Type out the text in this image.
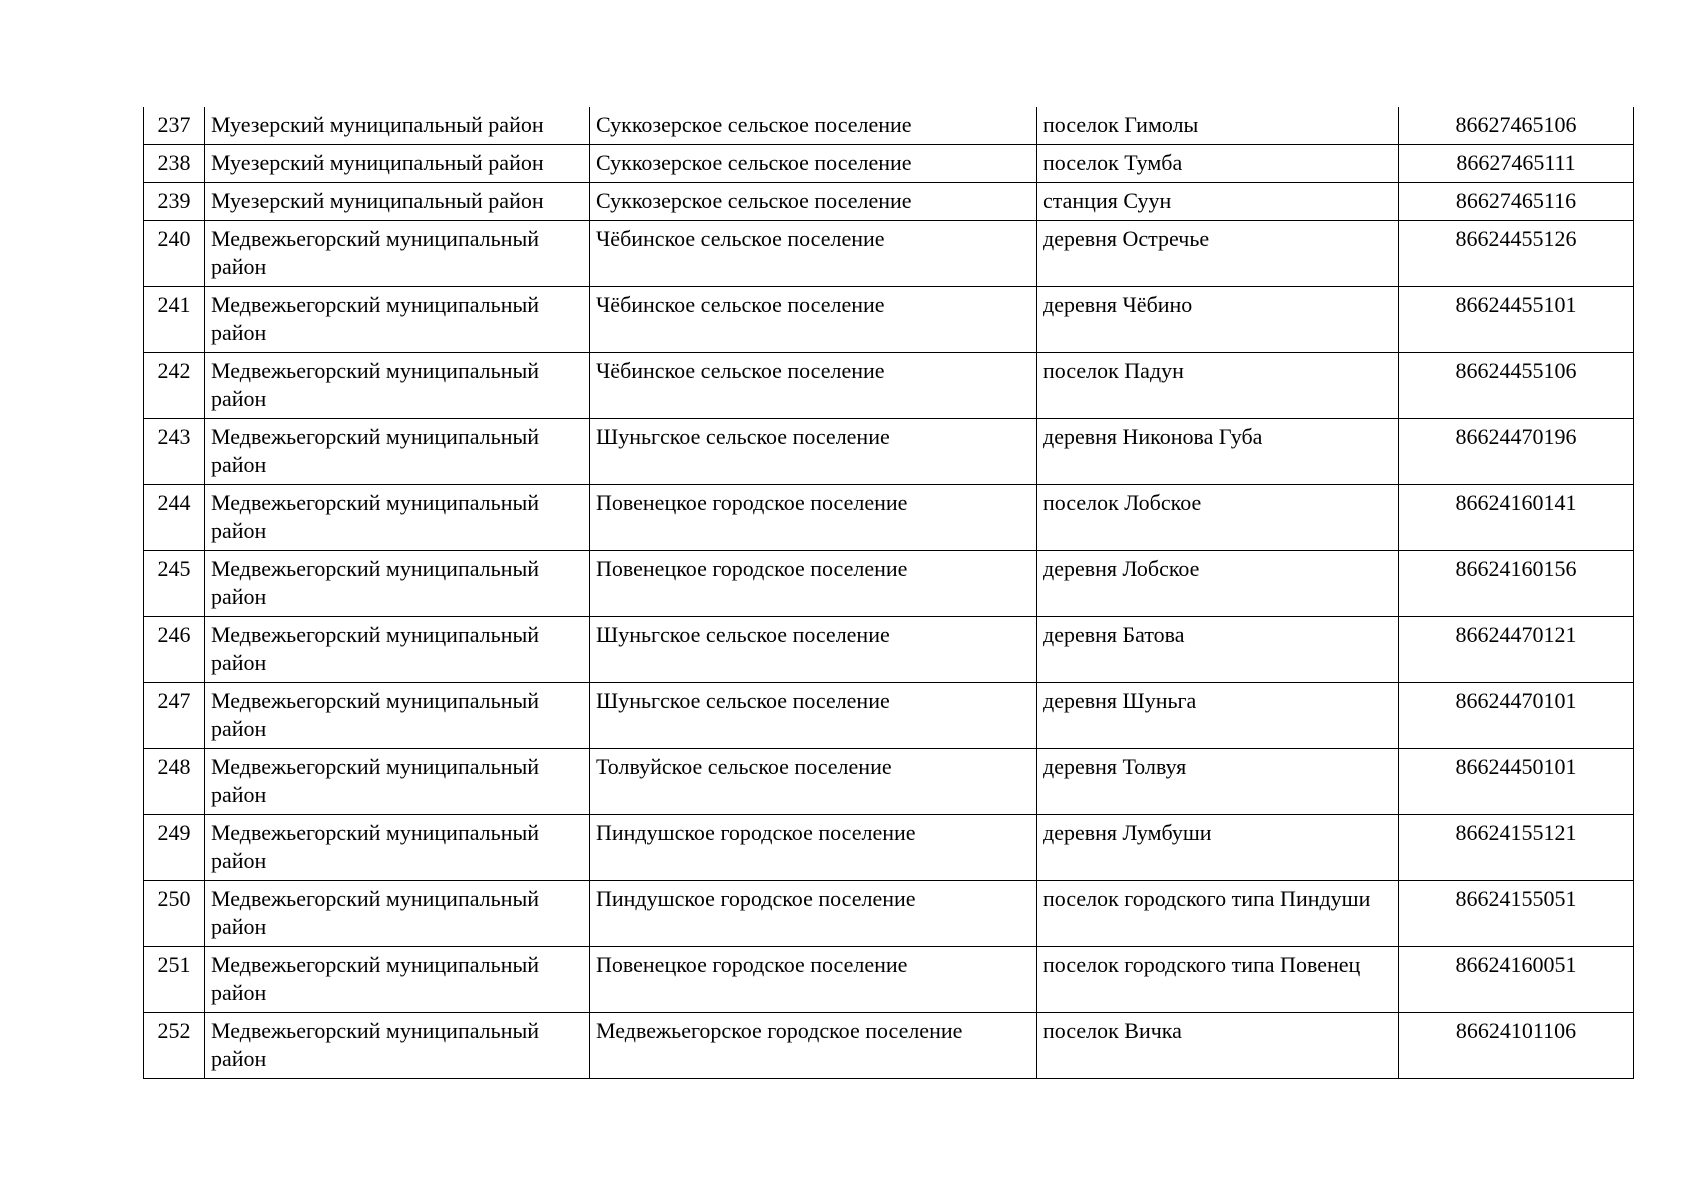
237	Муезерский муниципальный район	Суккозерское сельское поселение	поселок Гимолы	86627465106
238	Муезерский муниципальный район	Суккозерское сельское поселение	поселок Тумба	86627465111
239	Муезерский муниципальный район	Суккозерское сельское поселение	станция Суун	86627465116
240	Медвежьегорский муниципальный район	Чёбинское сельское поселение	деревня Остречье	86624455126
241	Медвежьегорский муниципальный район	Чёбинское сельское поселение	деревня Чёбино	86624455101
242	Медвежьегорский муниципальный район	Чёбинское сельское поселение	поселок Падун	86624455106
243	Медвежьегорский муниципальный район	Шуньгское сельское поселение	деревня Никонова Губа	86624470196
244	Медвежьегорский муниципальный район	Повенецкое городское поселение	поселок Лобское	86624160141
245	Медвежьегорский муниципальный район	Повенецкое городское поселение	деревня Лобское	86624160156
246	Медвежьегорский муниципальный район	Шуньгское сельское поселение	деревня Батова	86624470121
247	Медвежьегорский муниципальный район	Шуньгское сельское поселение	деревня Шуньга	86624470101
248	Медвежьегорский муниципальный район	Толвуйское сельское поселение	деревня Толвуя	86624450101
249	Медвежьегорский муниципальный район	Пиндушское городское поселение	деревня Лумбуши	86624155121
250	Медвежьегорский муниципальный район	Пиндушское городское поселение	поселок городского типа Пиндуши	86624155051
251	Медвежьегорский муниципальный район	Повенецкое городское поселение	поселок городского типа Повенец	86624160051
252	Медвежьегорский муниципальный район	Медвежьегорское городское поселение	поселок Вичка	86624101106
